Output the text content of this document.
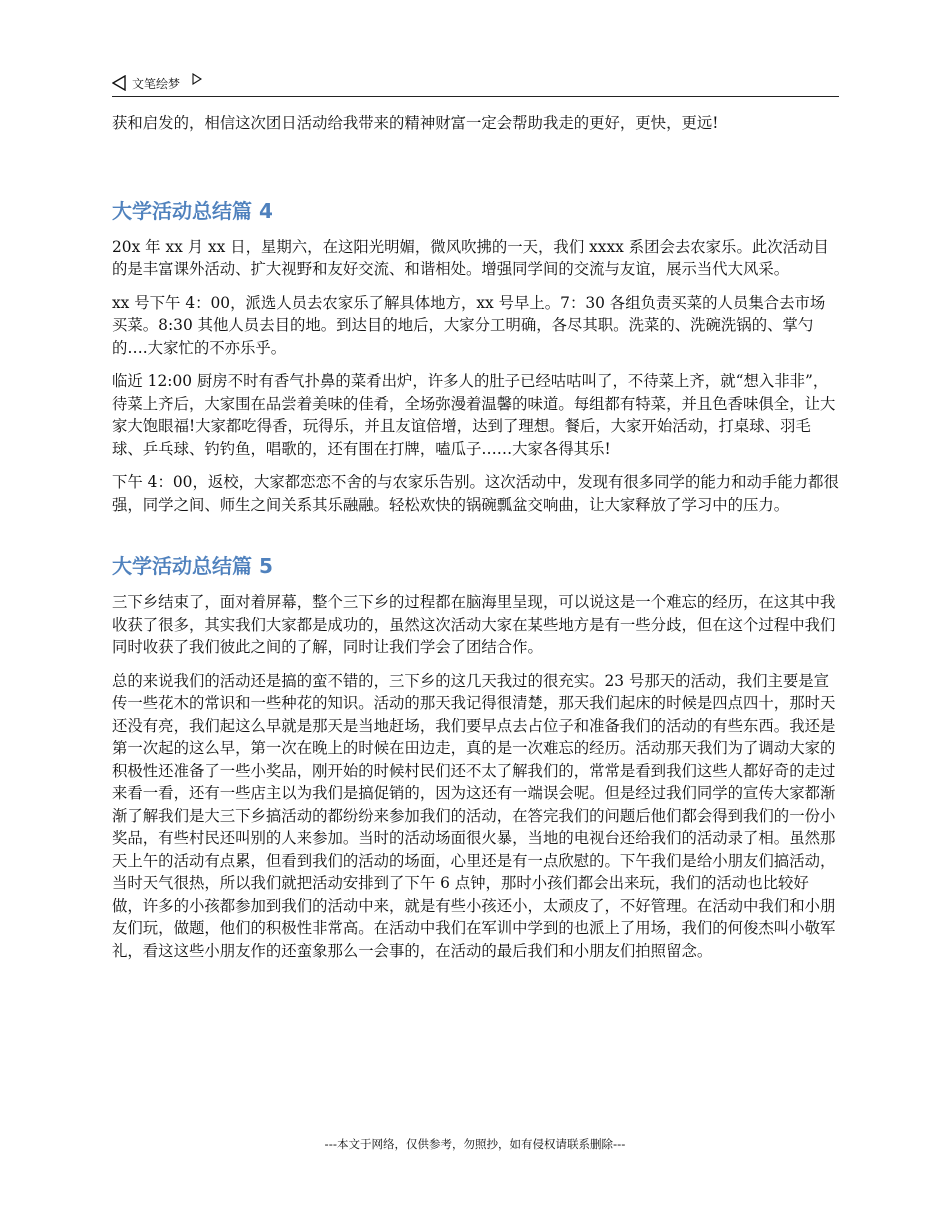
文笔绘梦

获和启发的，相信这次团日活动给我带来的精神财富一定会帮助我走的更好，更快，更远!

大学活动总结篇 4

20x 年 xx 月 xx 日，星期六，在这阳光明媚，微风吹拂的一天，我们 xxxx 系团会去农家乐。此次活动目的是丰富课外活动、扩大视野和友好交流、和谐相处。增强同学间的交流与友谊，展示当代大风采。

xx 号下午 4：00，派选人员去农家乐了解具体地方，xx 号早上。7：30 各组负责买菜的人员集合去市场买菜。8:30 其他人员去目的地。到达目的地后，大家分工明确，各尽其职。洗菜的、洗碗洗锅的、掌勺的….大家忙的不亦乐乎。

临近 12:00 厨房不时有香气扑鼻的菜肴出炉，许多人的肚子已经咕咕叫了，不待菜上齐，就“想入非非”，待菜上齐后，大家围在品尝着美味的佳肴，全场弥漫着温馨的味道。每组都有特菜，并且色香味俱全，让大家大饱眼福!大家都吃得香，玩得乐，并且友谊倍增，达到了理想。餐后，大家开始活动，打桌球、羽毛球、乒乓球、钓钓鱼，唱歌的，还有围在打牌，嗑瓜子……大家各得其乐!

下午 4：00，返校，大家都恋恋不舍的与农家乐告别。这次活动中，发现有很多同学的能力和动手能力都很强，同学之间、师生之间关系其乐融融。轻松欢快的锅碗瓢盆交响曲，让大家释放了学习中的压力。

大学活动总结篇 5

三下乡结束了，面对着屏幕，整个三下乡的过程都在脑海里呈现，可以说这是一个难忘的经历，在这其中我收获了很多，其实我们大家都是成功的，虽然这次活动大家在某些地方是有一些分歧，但在这个过程中我们同时收获了我们彼此之间的了解，同时让我们学会了团结合作。

总的来说我们的活动还是搞的蛮不错的，三下乡的这几天我过的很充实。23 号那天的活动，我们主要是宣传一些花木的常识和一些种花的知识。活动的那天我记得很清楚，那天我们起床的时候是四点四十，那时天还没有亮，我们起这么早就是那天是当地赶场，我们要早点去占位子和准备我们的活动的有些东西。我还是第一次起的这么早，第一次在晚上的时候在田边走，真的是一次难忘的经历。活动那天我们为了调动大家的积极性还准备了一些小奖品，刚开始的时候村民们还不太了解我们的，常常是看到我们这些人都好奇的走过来看一看，还有一些店主以为我们是搞促销的，因为这还有一端误会呢。但是经过我们同学的宣传大家都渐渐了解我们是大三下乡搞活动的都纷纷来参加我们的活动，在答完我们的问题后他们都会得到我们的一份小奖品，有些村民还叫别的人来参加。当时的活动场面很火暴，当地的电视台还给我们的活动录了相。虽然那天上午的活动有点累，但看到我们的活动的场面，心里还是有一点欣慰的。下午我们是给小朋友们搞活动，当时天气很热，所以我们就把活动安排到了下午 6 点钟，那时小孩们都会出来玩，我们的活动也比较好做，许多的小孩都参加到我们的活动中来，就是有些小孩还小，太顽皮了，不好管理。在活动中我们和小朋友们玩，做题，他们的积极性非常高。在活动中我们在军训中学到的也派上了用场，我们的何俊杰叫小敬军礼，看这这些小朋友作的还蛮象那么一会事的，在活动的最后我们和小朋友们拍照留念。

---本文于网络，仅供参考，勿照抄，如有侵权请联系删除---
